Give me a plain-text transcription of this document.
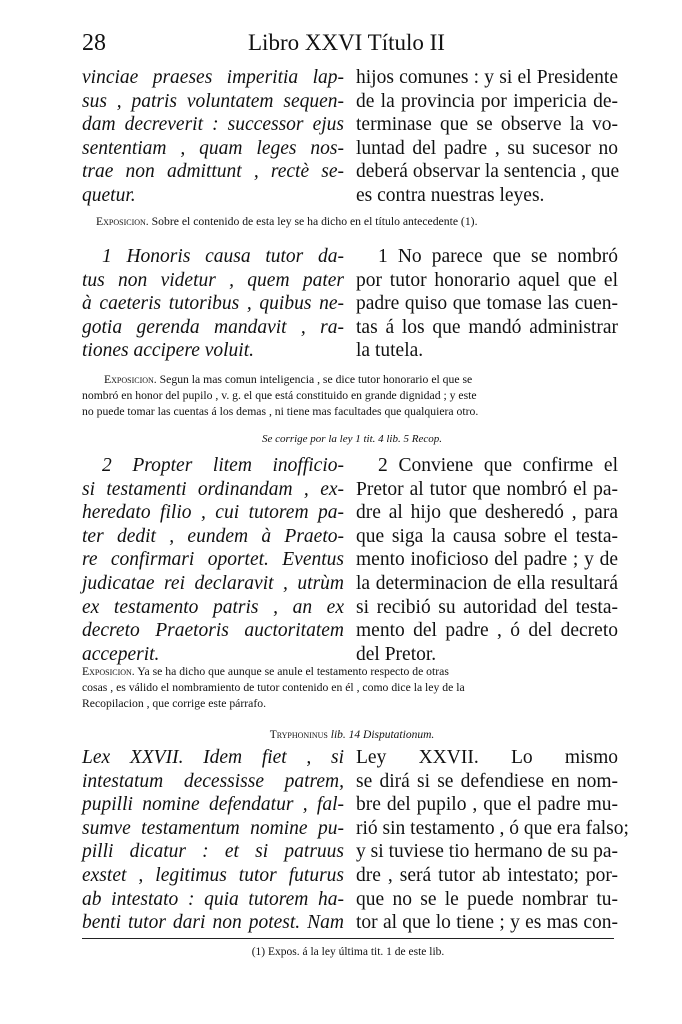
28	Libro XXVI Título II
vinciae praeses imperitia lap-
sus , patris voluntatem sequen-
dam decreverit : successor ejus
sententiam , quam leges nos-
trae non admittunt , rectè se-
quetur.
hijos comunes : y si el Presidente
de la provincia por impericia de-
terminase que se observe la vo-
luntad del padre , su sucesor no
deberá observar la sentencia , que
es contra nuestras leyes.
Exposicion. Sobre el contenido de esta ley se ha dicho en el título antecedente (1).
1 Honoris causa tutor da-
tus non videtur , quem pater
à caeteris tutoribus , quibus ne-
gotia gerenda mandavit , ra-
tiones accipere voluit.
1 No parece que se nombró
por tutor honorario aquel que el
padre quiso que tomase las cuen-
tas á los que mandó administrar
la tutela.
Exposicion. Segun la mas comun inteligencia , se dice tutor honorario el que se
nombró en honor del pupilo , v. g. el que está constituido en grande dignidad ; y este
no puede tomar las cuentas á los demas , ni tiene mas facultades que qualquiera otro.
Se corrige por la ley 1 tit. 4 lib. 5 Recop.
2 Propter litem inofficio-
si testamenti ordinandam , ex-
heredato filio , cui tutorem pa-
ter dedit , eundem à Praeto-
re confirmari oportet. Eventus
judicatae rei declaravit , utrùm
ex testamento patris , an ex
decreto Praetoris auctoritatem
acceperit.
2 Conviene que confirme el
Pretor al tutor que nombró el pa-
dre al hijo que desheredó , para
que siga la causa sobre el testa-
mento inoficioso del padre ; y de
la determinacion de ella resultará
si recibió su autoridad del testa-
mento del padre , ó del decreto
del Pretor.
Exposicion. Ya se ha dicho que aunque se anule el testamento respecto de otras
cosas , es válido el nombramiento de tutor contenido en él , como dice la ley de la
Recopilacion , que corrige este párrafo.
Tryphoninus lib. 14 Disputationum.
Lex XXVII. Idem fiet , si
intestatum decessisse patrem,
pupilli nomine defendatur , fal-
sumve testamentum nomine pu-
pilli dicatur : et si patruus
exstet , legitimus tutor futurus
ab intestato : quia tutorem ha-
benti tutor dari non potest. Nam
Ley XXVII. Lo mismo
se dirá si se defendiese en nom-
bre del pupilo , que el padre mu-
rió sin testamento , ó que era falso;
y si tuviese tio hermano de su pa-
dre , será tutor ab intestato; por-
que no se le puede nombrar tu-
tor al que lo tiene ; y es mas con-
(1) Expos. á la ley última tit. 1 de este lib.
